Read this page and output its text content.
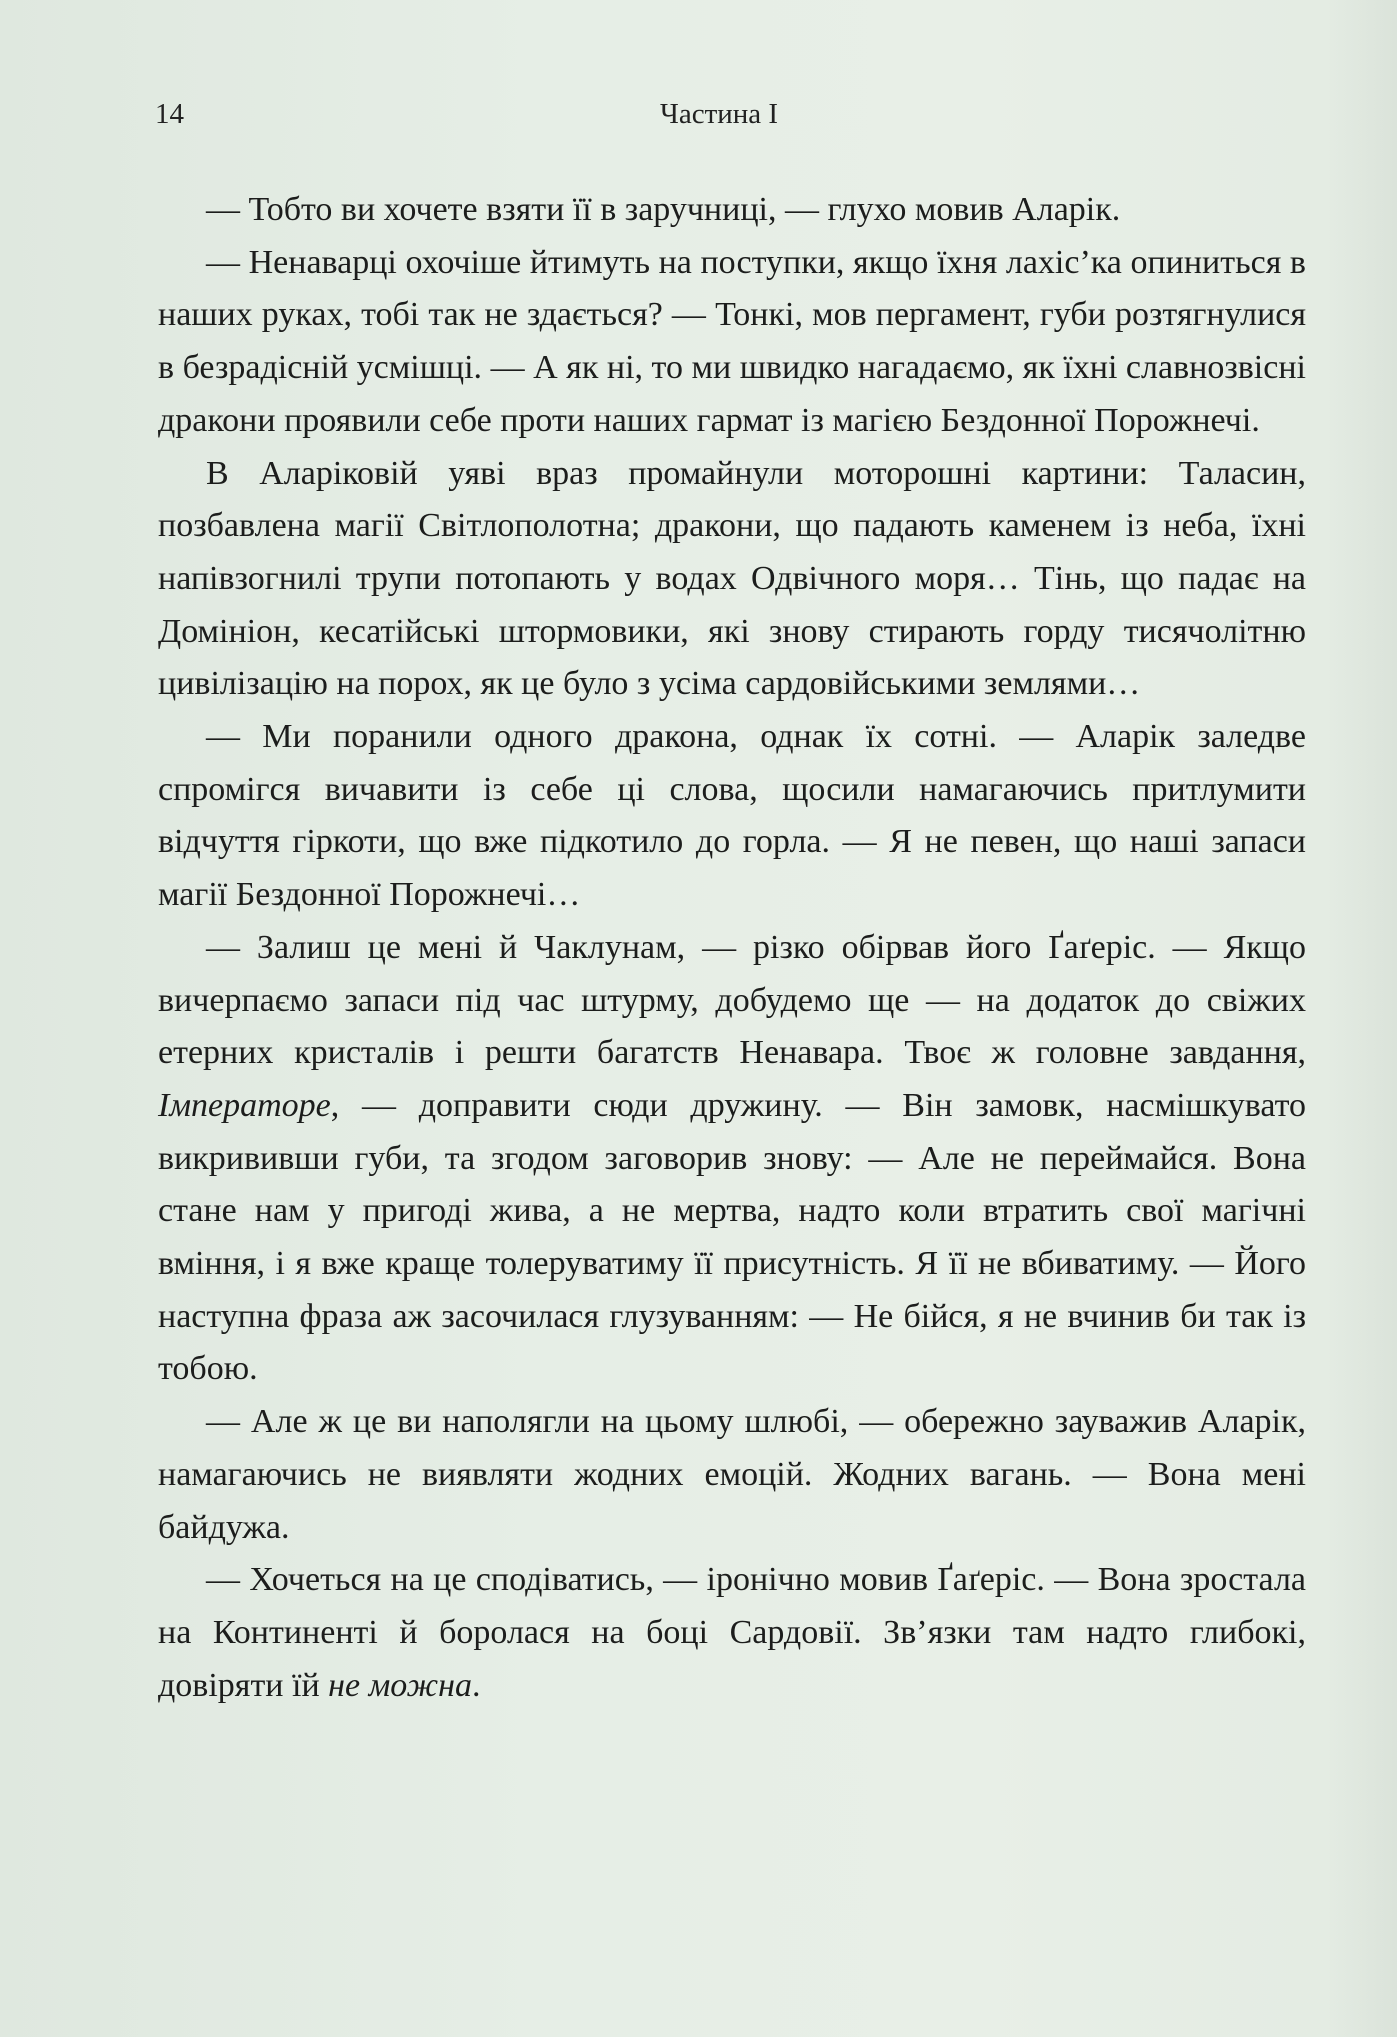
14	Частина І

— Тобто ви хочете взяти її в заручниці, — глухо мовив Аларік.

— Ненаварці охочіше йтимуть на поступки, якщо їхня лахіс’ка опиниться в наших руках, тобі так не здається? — Тонкі, мов пергамент, губи розтягнулися в безрадісній усмішці. — А як ні, то ми швидко нагадаємо, як їхні славнозвісні дракони проявили себе проти наших гармат із магією Бездонної Порожнечі.

В Аларіковій уяві враз промайнули моторошні картини: Таласин, позбавлена магії Світлополотна; дракони, що падають каменем із неба, їхні напівзогнилі трупи потопають у водах Одвічного моря… Тінь, що падає на Домініон, кесатійські штормовики, які знову стирають горду тисячолітню цивілізацію на порох, як це було з усіма сардовійськими землями…

— Ми поранили одного дракона, однак їх сотні. — Аларік заледве спромігся вичавити із себе ці слова, щосили намагаючись притлумити відчуття гіркоти, що вже підкотило до горла. — Я не певен, що наші запаси магії Бездонної Порожнечі…

— Залиш це мені й Чаклунам, — різко обірвав його Ґаґеріс. — Якщо вичерпаємо запаси під час штурму, добудемо ще — на додаток до свіжих етерних кристалів і решти багатств Ненавара. Твоє ж головне завдання, Імператоре, — доправити сюди дружину. — Він замовк, насмішкувато викрививши губи, та згодом заговорив знову: — Але не переймайся. Вона стане нам у пригоді жива, а не мертва, надто коли втратить свої магічні вміння, і я вже краще толеруватиму її присутність. Я її не вбиватиму. — Його наступна фраза аж засочилася глузуванням: — Не бійся, я не вчинив би так із тобою.

— Але ж це ви наполягли на цьому шлюбі, — обережно зауважив Аларік, намагаючись не виявляти жодних емоцій. Жодних вагань. — Вона мені байдужа.

— Хочеться на це сподіватись, — іронічно мовив Ґаґеріс. — Вона зростала на Континенті й боролася на боці Сардовії. Зв’язки там надто глибокі, довіряти їй не можна.
